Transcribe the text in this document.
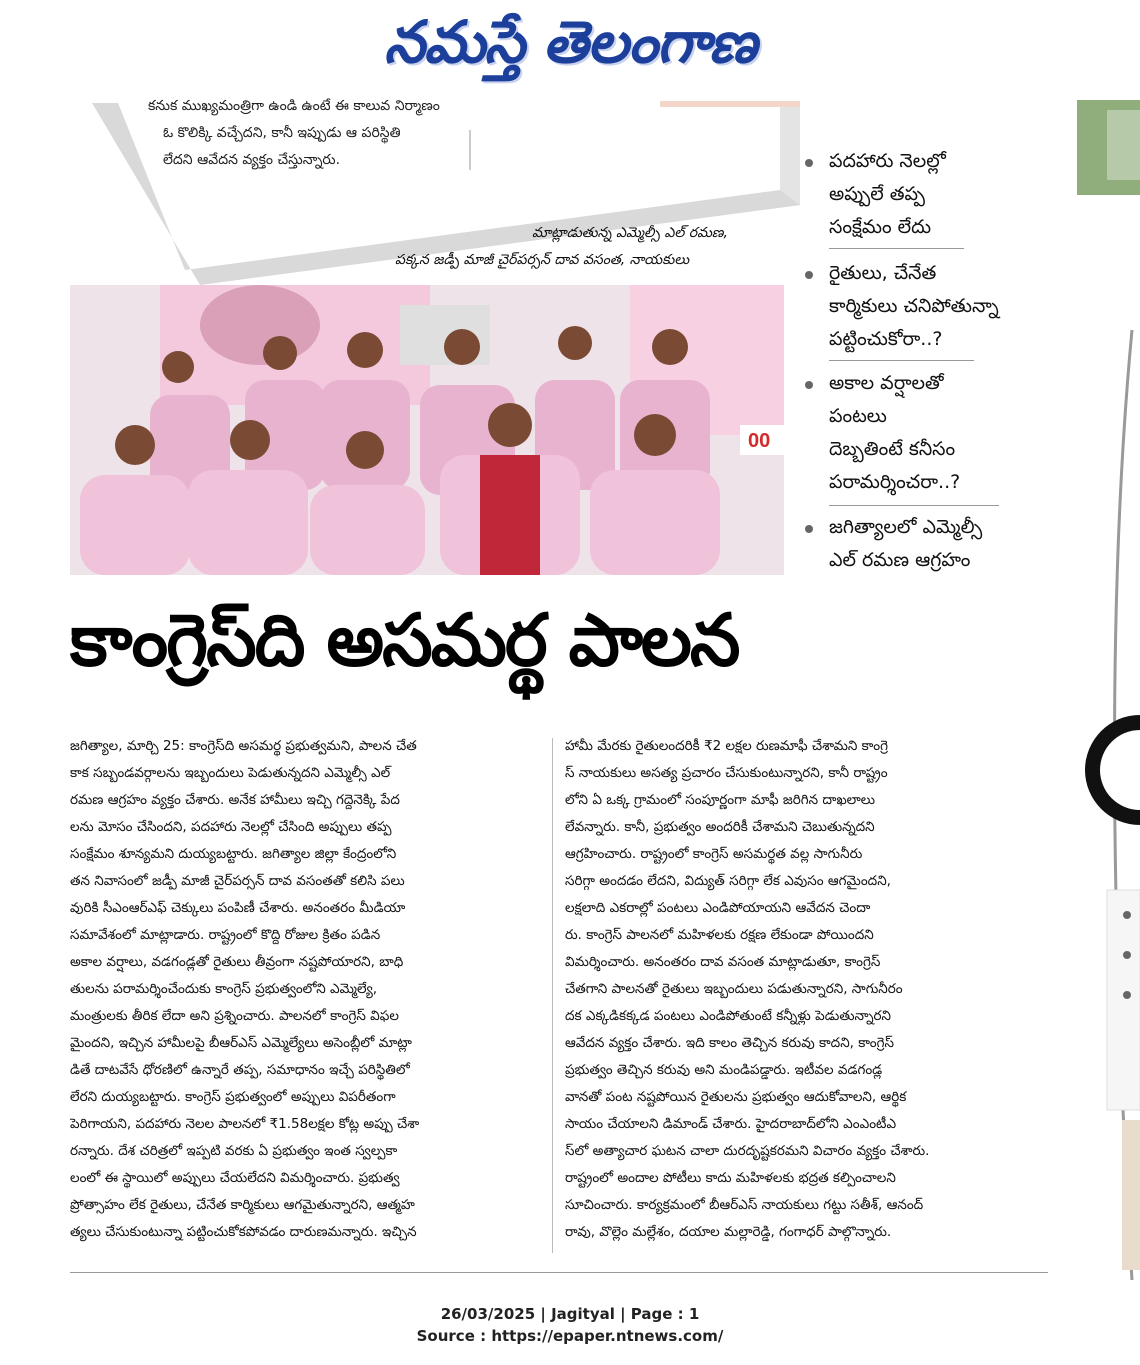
నమస్తే తెలంగాణ
కనుక ముఖ్యమంత్రిగా ఉండి ఉంటే ఈ కాలువ నిర్మాణం
ఓ కొలిక్కి వచ్చేదని, కానీ ఇప్పుడు ఆ పరిస్థితి
లేదని ఆవేదన వ్యక్తం చేస్తున్నారు.
మాట్లాడుతున్న ఎమ్మెల్సీ ఎల్ రమణ,
పక్కన జడ్పీ మాజీ చైర్‌పర్సన్ దావ వసంత, నాయకులు
00
పదహారు నెలల్లో
అప్పులే తప్ప
సంక్షేమం లేదు
రైతులు, చేనేత
కార్మికులు చనిపోతున్నా
పట్టించుకోరా..?
అకాల వర్షాలతో
పంటలు
దెబ్బతింటే కనీసం
పరామర్శించరా..?
జగిత్యాలలో ఎమ్మెల్సీ
ఎల్ రమణ ఆగ్రహం
కాంగ్రెస్‌ది అసమర్థ పాలన
జగిత్యాల, మార్చి 25: కాంగ్రెస్‌ది అసమర్థ ప్రభుత్వమని, పాలన చేత
కాక సబ్బండవర్గాలను ఇబ్బందులు పెడుతున్నదని ఎమ్మెల్సీ ఎల్
రమణ ఆగ్రహం వ్యక్తం చేశారు. అనేక హామీలు ఇచ్చి గద్దెనెక్కి పేద
లను మోసం చేసిందని, పదహారు నెలల్లో చేసింది అప్పులు తప్ప
సంక్షేమం శూన్యమని దుయ్యబట్టారు. జగిత్యాల జిల్లా కేంద్రంలోని
తన నివాసంలో జడ్పీ మాజీ చైర్‌పర్సన్ దావ వసంతతో కలిసి పలు
వురికి సీఎంఆర్‌ఎఫ్ చెక్కులు పంపిణీ చేశారు. అనంతరం మీడియా
సమావేశంలో మాట్లాడారు. రాష్ట్రంలో కొద్ది రోజుల క్రితం పడిన
అకాల వర్షాలు, వడగండ్లతో రైతులు తీవ్రంగా నష్టపోయారని, బాధి
తులను పరామర్శించేందుకు కాంగ్రెస్ ప్రభుత్వంలోని ఎమ్మెల్యే,
మంత్రులకు తీరిక లేదా అని ప్రశ్నించారు. పాలనలో కాంగ్రెస్ విఫల
మైందని, ఇచ్చిన హామీలపై బీఆర్‌ఎస్ ఎమ్మెల్యేలు అసెంబ్లీలో మాట్లా
డితే దాటవేసే ధోరణిలో ఉన్నారే తప్ప, సమాధానం ఇచ్చే పరిస్థితిలో
లేరని దుయ్యబట్టారు. కాంగ్రెస్ ప్రభుత్వంలో అప్పులు విపరీతంగా
పెరిగాయని, పదహారు నెలల పాలనలో ₹1.58లక్షల కోట్ల అప్పు చేశా
రన్నారు. దేశ చరిత్రలో ఇప్పటి వరకు ఏ ప్రభుత్వం ఇంత స్వల్పకా
లంలో ఈ స్థాయిలో అప్పులు చేయలేదని విమర్శించారు. ప్రభుత్వ
ప్రోత్సాహం లేక రైతులు, చేనేత కార్మికులు ఆగమైతున్నారని, ఆత్మహ
త్యలు చేసుకుంటున్నా పట్టించుకోకపోవడం దారుణమన్నారు. ఇచ్చిన
హామీ మేరకు రైతులందరికీ ₹2 లక్షల రుణమాఫీ చేశామని కాంగ్రె
స్ నాయకులు అసత్య ప్రచారం చేసుకుంటున్నారని, కానీ రాష్ట్రం
లోని ఏ ఒక్క గ్రామంలో సంపూర్ణంగా మాఫీ జరిగిన దాఖలాలు
లేవన్నారు. కానీ, ప్రభుత్వం అందరికీ చేశామని చెబుతున్నదని
ఆగ్రహించారు. రాష్ట్రంలో కాంగ్రెస్ అసమర్థత వల్ల సాగునీరు
సరిగ్గా అందడం లేదని, విద్యుత్ సరిగ్గా లేక ఎవుసం ఆగమైందని,
లక్షలాది ఎకరాల్లో పంటలు ఎండిపోయాయని ఆవేదన చెందా
రు. కాంగ్రెస్ పాలనలో మహిళలకు రక్షణ లేకుండా పోయిందని
విమర్శించారు. అనంతరం దావ వసంత మాట్లాడుతూ, కాంగ్రెస్
చేతగాని పాలనతో రైతులు ఇబ్బందులు పడుతున్నారని, సాగునీరం
దక ఎక్కడికక్కడ పంటలు ఎండిపోతుంటే కన్నీళ్లు పెడుతున్నారని
ఆవేదన వ్యక్తం చేశారు. ఇది కాలం తెచ్చిన కరువు కాదని, కాంగ్రెస్
ప్రభుత్వం తెచ్చిన కరువు అని మండిపడ్డారు. ఇటీవల వడగండ్ల
వానతో పంట నష్టపోయిన రైతులను ప్రభుత్వం ఆదుకోవాలని, ఆర్థిక
సాయం చేయాలని డిమాండ్ చేశారు. హైదరాబాద్‌లోని ఎంఎంటీఎ
స్‌లో అత్యాచార ఘటన చాలా దురదృష్టకరమని విచారం వ్యక్తం చేశారు.
రాష్ట్రంలో అందాల పోటీలు కాదు మహిళలకు భద్రత కల్పించాలని
సూచించారు. కార్యక్రమంలో బీఆర్‌ఎస్ నాయకులు గట్టు సతీశ్, ఆనంద్
రావు, వొల్లెం మల్లేశం, దయాల మల్లారెడ్డి, గంగాధర్ పాల్గొన్నారు.
26/03/2025 | Jagityal | Page : 1
Source : https://epaper.ntnews.com/
